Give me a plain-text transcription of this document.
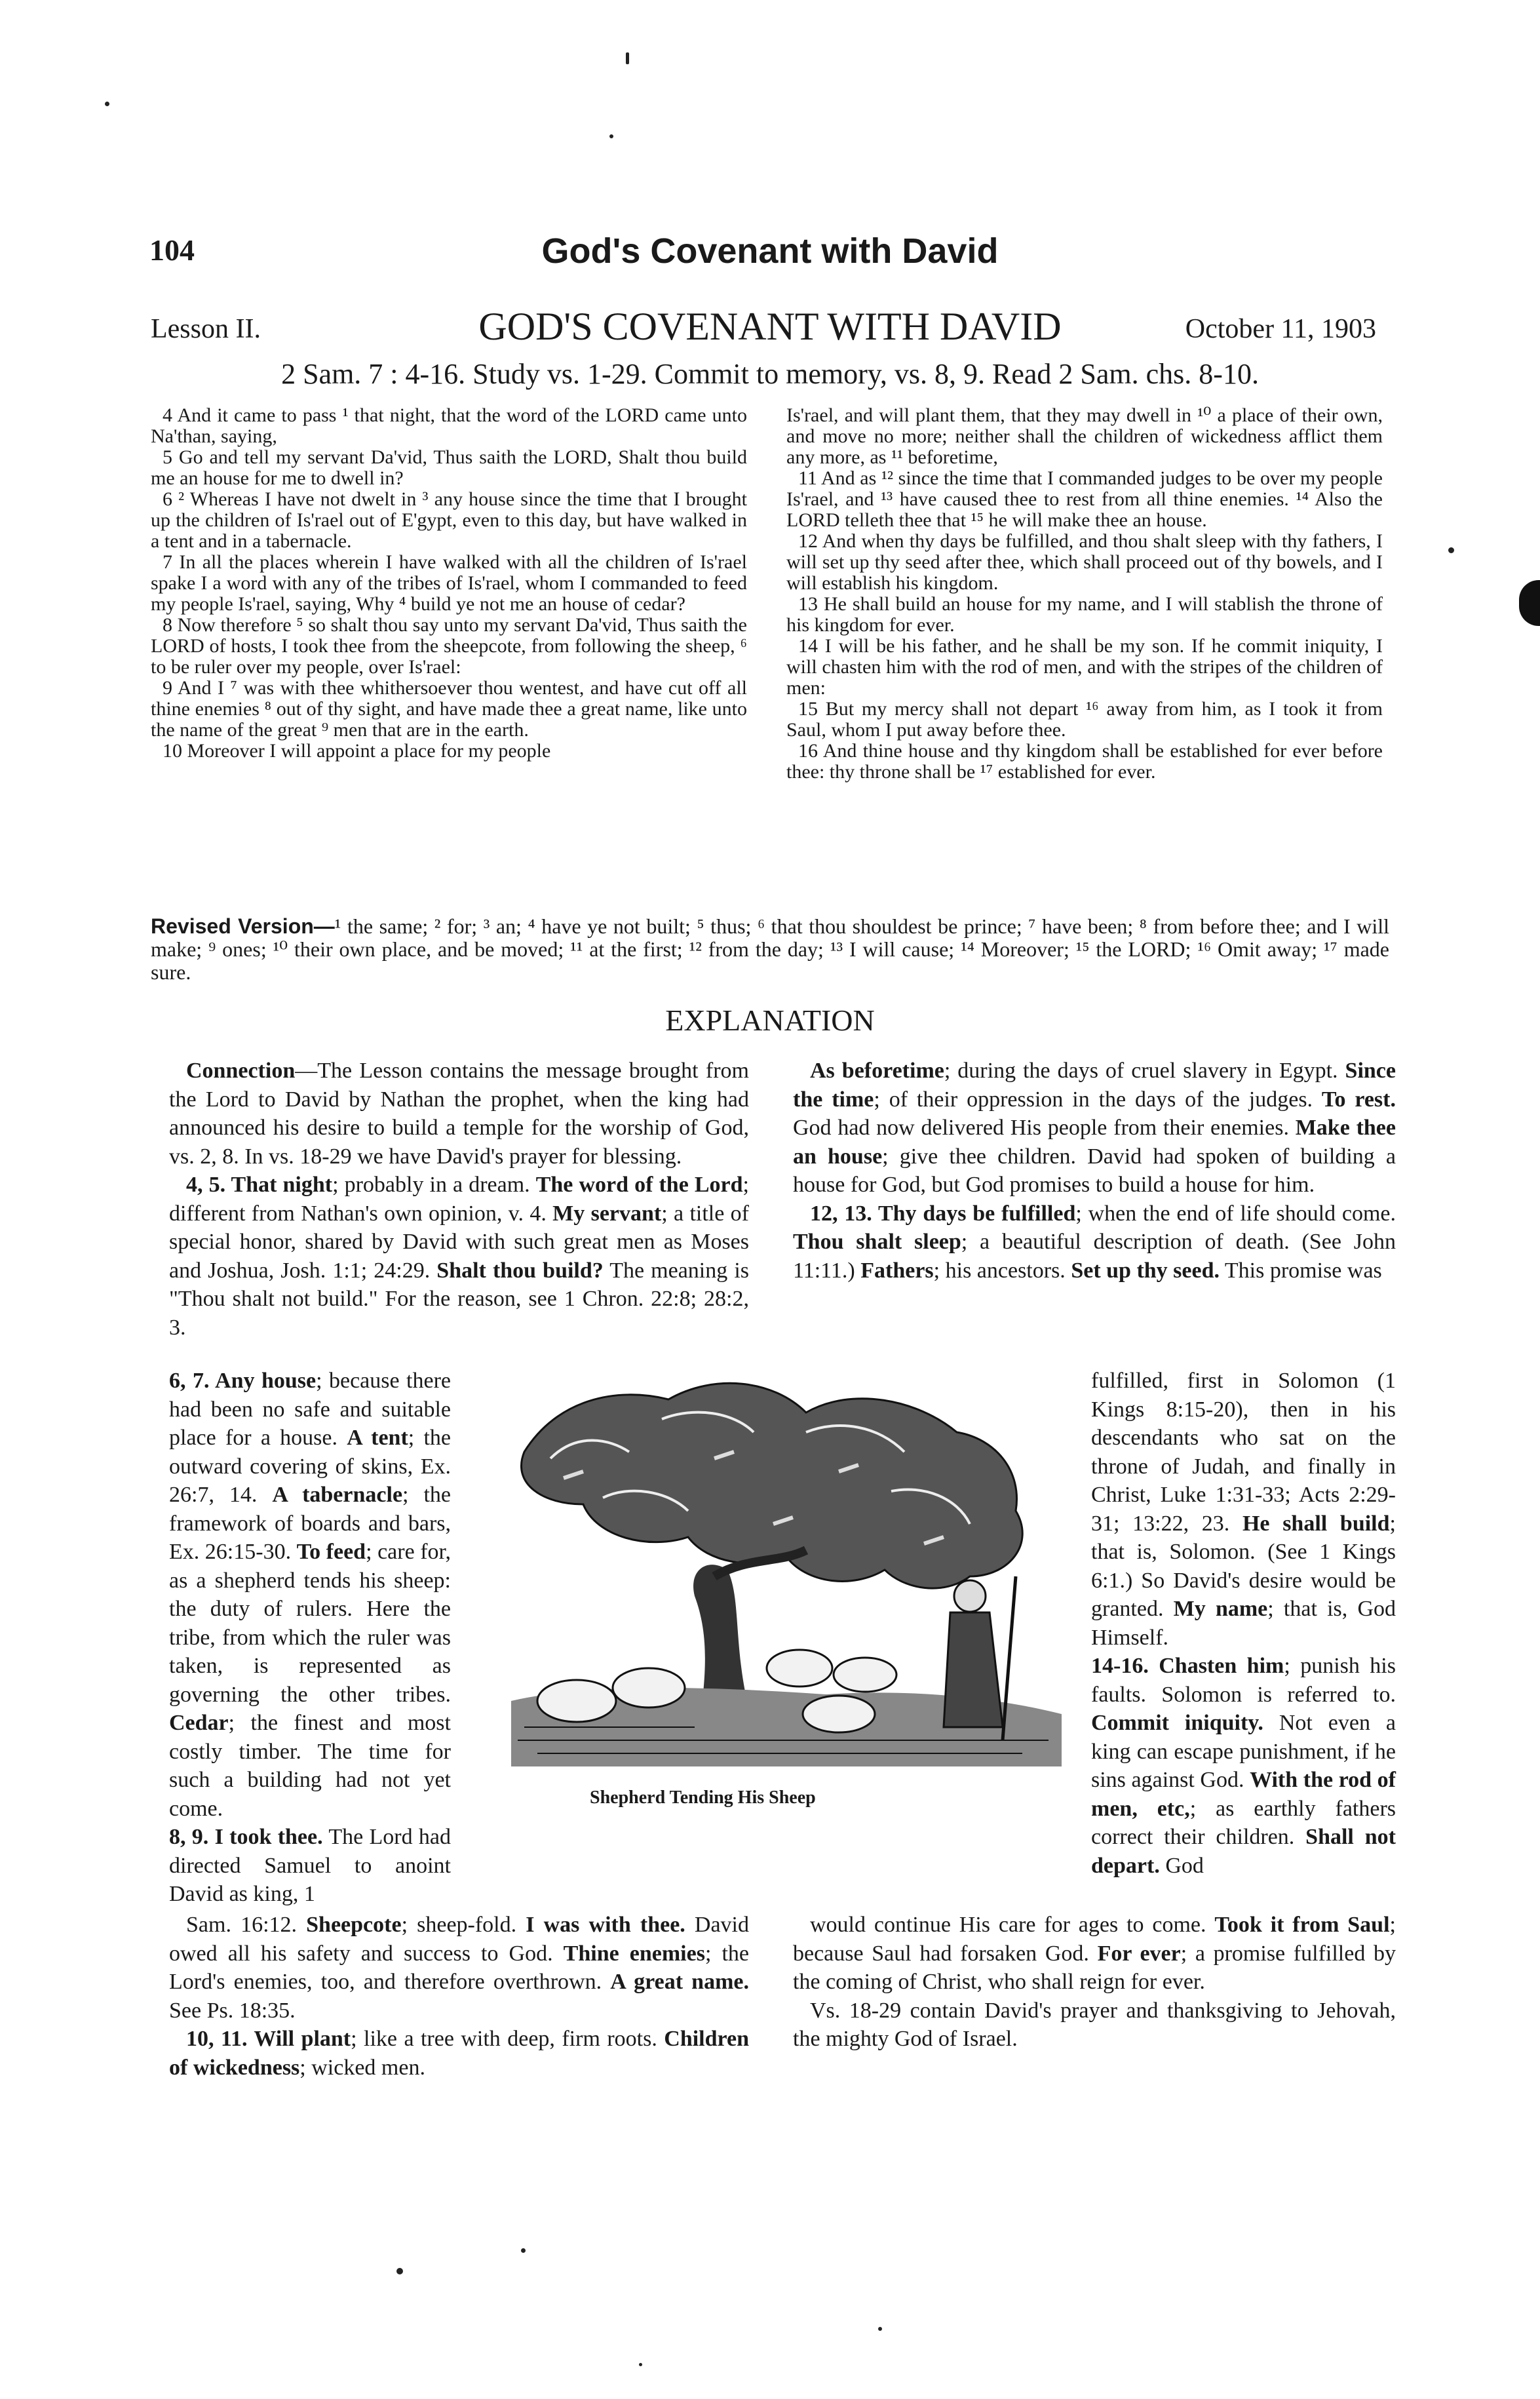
104	God's Covenant with David
Lesson II.	GOD'S COVENANT WITH DAVID	October 11, 1903
2 Sam. 7 : 4-16. Study vs. 1-29. Commit to memory, vs. 8, 9. Read 2 Sam. chs. 8-10.

4 And it came to pass ¹ that night, that the word of the LORD came unto Na'than, saying,

5 Go and tell my servant Da'vid, Thus saith the LORD, Shalt thou build me an house for me to dwell in?

6 ² Whereas I have not dwelt in ³ any house since the time that I brought up the children of Is'rael out of E'gypt, even to this day, but have walked in a tent and in a tabernacle.

7 In all the places wherein I have walked with all the children of Is'rael spake I a word with any of the tribes of Is'rael, whom I commanded to feed my people Is'rael, saying, Why ⁴ build ye not me an house of cedar?

8 Now therefore ⁵ so shalt thou say unto my servant Da'vid, Thus saith the LORD of hosts, I took thee from the sheepcote, from following the sheep, ⁶ to be ruler over my people, over Is'rael:

9 And I ⁷ was with thee whithersoever thou wentest, and have cut off all thine enemies ⁸ out of thy sight, and have made thee a great name, like unto the name of the great ⁹ men that are in the earth.

10 Moreover I will appoint a place for my people

Is'rael, and will plant them, that they may dwell in ¹⁰ a place of their own, and move no more; neither shall the children of wickedness afflict them any more, as ¹¹ beforetime,

11 And as ¹² since the time that I commanded judges to be over my people Is'rael, and ¹³ have caused thee to rest from all thine enemies. ¹⁴ Also the LORD telleth thee that ¹⁵ he will make thee an house.

12 And when thy days be fulfilled, and thou shalt sleep with thy fathers, I will set up thy seed after thee, which shall proceed out of thy bowels, and I will establish his kingdom.

13 He shall build an house for my name, and I will stablish the throne of his kingdom for ever.

14 I will be his father, and he shall be my son. If he commit iniquity, I will chasten him with the rod of men, and with the stripes of the children of men:

15 But my mercy shall not depart ¹⁶ away from him, as I took it from Saul, whom I put away before thee.

16 And thine house and thy kingdom shall be established for ever before thee: thy throne shall be ¹⁷ established for ever.

Revised Version—¹ the same; ² for; ³ an; ⁴ have ye not built; ⁵ thus; ⁶ that thou shouldest be prince; ⁷ have been; ⁸ from before thee; and I will make; ⁹ ones; ¹⁰ their own place, and be moved; ¹¹ at the first; ¹² from the day; ¹³ I will cause; ¹⁴ Moreover; ¹⁵ the LORD; ¹⁶ Omit away; ¹⁷ made sure.
EXPLANATION

Connection—The Lesson contains the message brought from the Lord to David by Nathan the prophet, when the king had announced his desire to build a temple for the worship of God, vs. 2, 8. In vs. 18-29 we have David's prayer for blessing.

4, 5. That night; probably in a dream. The word of the Lord; different from Nathan's own opinion, v. 4. My servant; a title of special honor, shared by David with such great men as Moses and Joshua, Josh. 1:1; 24:29. Shalt thou build? The meaning is "Thou shalt not build." For the reason, see 1 Chron. 22:8; 28:2, 3.

6, 7. Any house; because there had been no safe and suitable place for a house. A tent; the outward covering of skins, Ex. 26:7, 14. A tabernacle; the framework of boards and bars, Ex. 26:15-30. To feed; care for, as a shepherd tends his sheep: the duty of rulers. Here the tribe, from which the ruler was taken, is represented as governing the other tribes. Cedar; the finest and most costly timber. The time for such a building had not yet come.

8, 9. I took thee. The Lord had directed Samuel to anoint David as king, 1

Sam. 16:12. Sheepcote; sheep-fold. I was with thee. David owed all his safety and success to God. Thine enemies; the Lord's enemies, too, and therefore overthrown. A great name. See Ps. 18:35.

10, 11. Will plant; like a tree with deep, firm roots. Children of wickedness; wicked men.

As beforetime; during the days of cruel slavery in Egypt. Since the time; of their oppression in the days of the judges. To rest. God had now delivered His people from their enemies. Make thee an house; give thee children. David had spoken of building a house for God, but God promises to build a house for him.

12, 13. Thy days be fulfilled; when the end of life should come. Thou shalt sleep; a beautiful description of death. (See John 11:11.) Fathers; his ancestors. Set up thy seed. This promise was

fulfilled, first in Solomon (1 Kings 8:15-20), then in his descendants who sat on the throne of Judah, and finally in Christ, Luke 1:31-33; Acts 2:29-31; 13:22, 23. He shall build; that is, Solomon. (See 1 Kings 6:1.) So David's desire would be granted. My name; that is, God Himself.

14-16. Chasten him; punish his faults. Solomon is referred to. Commit iniquity. Not even a king can escape punishment, if he sins against God. With the rod of men, etc,; as earthly fathers correct their children. Shall not depart. God

would continue His care for ages to come. Took it from Saul; because Saul had forsaken God. For ever; a promise fulfilled by the coming of Christ, who shall reign for ever.

Vs. 18-29 contain David's prayer and thanksgiving to Jehovah, the mighty God of Israel.

Shepherd Tending His Sheep
